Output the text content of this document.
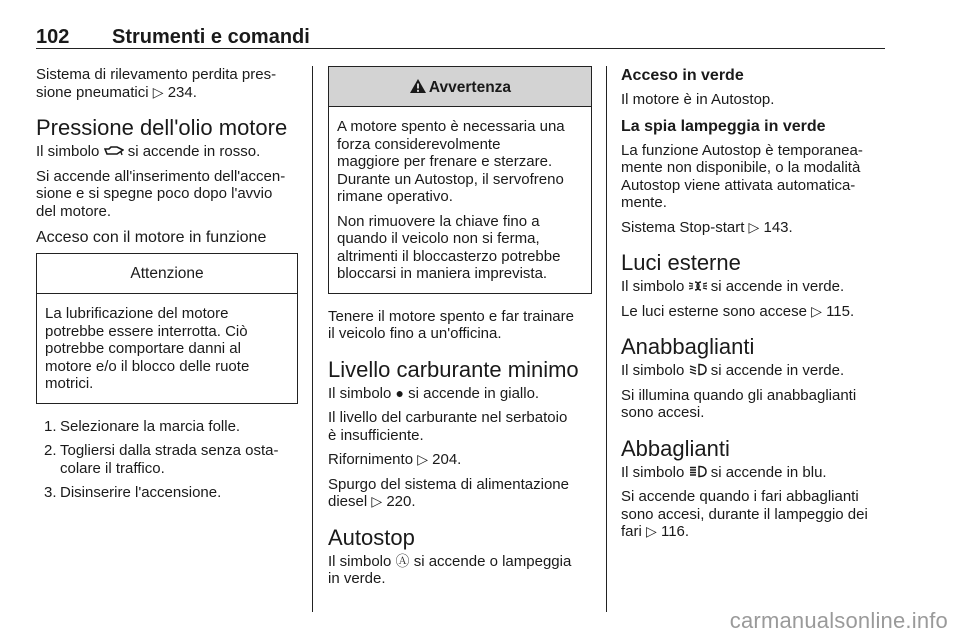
102 Strumenti e comandi

Sistema di rilevamento perdita pres-
sione pneumatici ▷ 234.

Pressione dell'olio motore

Il simbolo  si accende in rosso.

Si accende all'inserimento dell'accen-
sione e si spegne poco dopo l'avvio
del motore.

Acceso con il motore in funzione
Attenzione

La lubrificazione del motore
potrebbe essere interrotta. Ciò
potrebbe comportare danni al
motore e/o il blocco delle ruote
motrici.

1. Selezionare la marcia folle.
2. Togliersi dalla strada senza osta-
colare il traffico.
3. Disinserire l'accensione.
Avvertenza

A motore spento è necessaria una
forza considerevolmente
maggiore per frenare e sterzare.
Durante un Autostop, il servofreno
rimane operativo.

Non rimuovere la chiave fino a
quando il veicolo non si ferma,
altrimenti il bloccasterzo potrebbe
bloccarsi in maniera imprevista.

Tenere il motore spento e far trainare
il veicolo fino a un'officina.

Livello carburante minimo

Il simbolo ● si accende in giallo.

Il livello del carburante nel serbatoio
è insufficiente.

Rifornimento ▷ 204.

Spurgo del sistema di alimentazione
diesel ▷ 220.

Autostop

Il simbolo Ⓐ si accende o lampeggia
in verde.

Acceso in verde

Il motore è in Autostop.

La spia lampeggia in verde

La funzione Autostop è temporanea-
mente non disponibile, o la modalità
Autostop viene attivata automatica-
mente.

Sistema Stop-start ▷ 143.

Luci esterne

Il simbolo  si accende in verde.

Le luci esterne sono accese ▷ 115.

Anabbaglianti

Il simbolo  si accende in verde.

Si illumina quando gli anabbaglianti
sono accesi.

Abbaglianti

Il simbolo  si accende in blu.

Si accende quando i fari abbaglianti
sono accesi, durante il lampeggio dei
fari ▷ 116.

carmanualsonline.info
